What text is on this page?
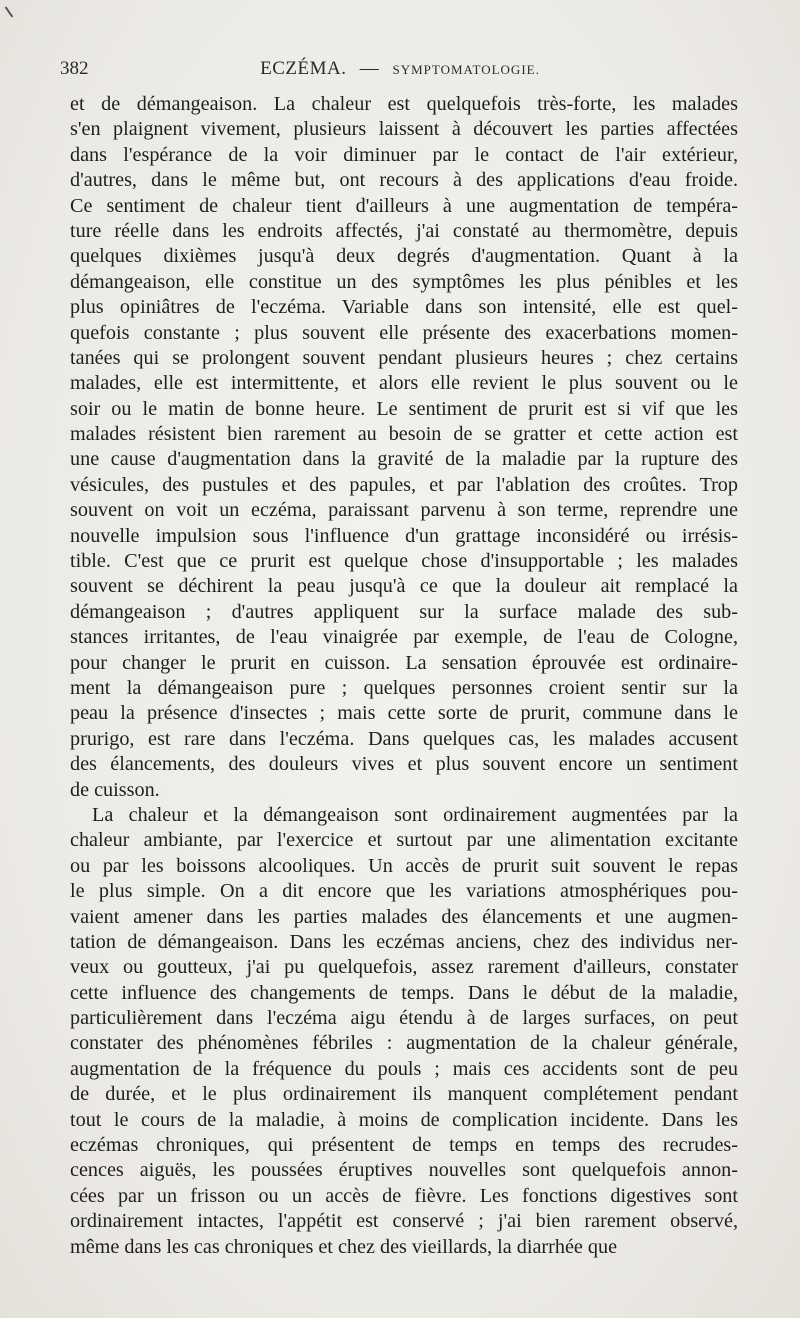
382	ECZÉMA. — SYMPTOMATOLOGIE.
et de démangeaison. La chaleur est quelquefois très-forte, les malades
s'en plaignent vivement, plusieurs laissent à découvert les parties affectées
dans l'espérance de la voir diminuer par le contact de l'air extérieur,
d'autres, dans le même but, ont recours à des applications d'eau froide.
Ce sentiment de chaleur tient d'ailleurs à une augmentation de tempéra-
ture réelle dans les endroits affectés, j'ai constaté au thermomètre, depuis
quelques dixièmes jusqu'à deux degrés d'augmentation. Quant à la
démangeaison, elle constitue un des symptômes les plus pénibles et les
plus opiniâtres de l'eczéma. Variable dans son intensité, elle est quel-
quefois constante ; plus souvent elle présente des exacerbations momen-
tanées qui se prolongent souvent pendant plusieurs heures ; chez certains
malades, elle est intermittente, et alors elle revient le plus souvent ou le
soir ou le matin de bonne heure. Le sentiment de prurit est si vif que les
malades résistent bien rarement au besoin de se gratter et cette action est
une cause d'augmentation dans la gravité de la maladie par la rupture des
vésicules, des pustules et des papules, et par l'ablation des croûtes. Trop
souvent on voit un eczéma, paraissant parvenu à son terme, reprendre une
nouvelle impulsion sous l'influence d'un grattage inconsidéré ou irrésis-
tible. C'est que ce prurit est quelque chose d'insupportable ; les malades
souvent se déchirent la peau jusqu'à ce que la douleur ait remplacé la
démangeaison ; d'autres appliquent sur la surface malade des sub-
stances irritantes, de l'eau vinaigrée par exemple, de l'eau de Cologne,
pour changer le prurit en cuisson. La sensation éprouvée est ordinaire-
ment la démangeaison pure ; quelques personnes croient sentir sur la
peau la présence d'insectes ; mais cette sorte de prurit, commune dans le
prurigo, est rare dans l'eczéma. Dans quelques cas, les malades accusent
des élancements, des douleurs vives et plus souvent encore un sentiment
de cuisson.
La chaleur et la démangeaison sont ordinairement augmentées par la
chaleur ambiante, par l'exercice et surtout par une alimentation excitante
ou par les boissons alcooliques. Un accès de prurit suit souvent le repas
le plus simple. On a dit encore que les variations atmosphériques pou-
vaient amener dans les parties malades des élancements et une augmen-
tation de démangeaison. Dans les eczémas anciens, chez des individus ner-
veux ou goutteux, j'ai pu quelquefois, assez rarement d'ailleurs, constater
cette influence des changements de temps. Dans le début de la maladie,
particulièrement dans l'eczéma aigu étendu à de larges surfaces, on peut
constater des phénomènes fébriles : augmentation de la chaleur générale,
augmentation de la fréquence du pouls ; mais ces accidents sont de peu
de durée, et le plus ordinairement ils manquent complétement pendant
tout le cours de la maladie, à moins de complication incidente. Dans les
eczémas chroniques, qui présentent de temps en temps des recrudes-
cences aiguës, les poussées éruptives nouvelles sont quelquefois annon-
cées par un frisson ou un accès de fièvre. Les fonctions digestives sont
ordinairement intactes, l'appétit est conservé ; j'ai bien rarement observé,
même dans les cas chroniques et chez des vieillards, la diarrhée que
